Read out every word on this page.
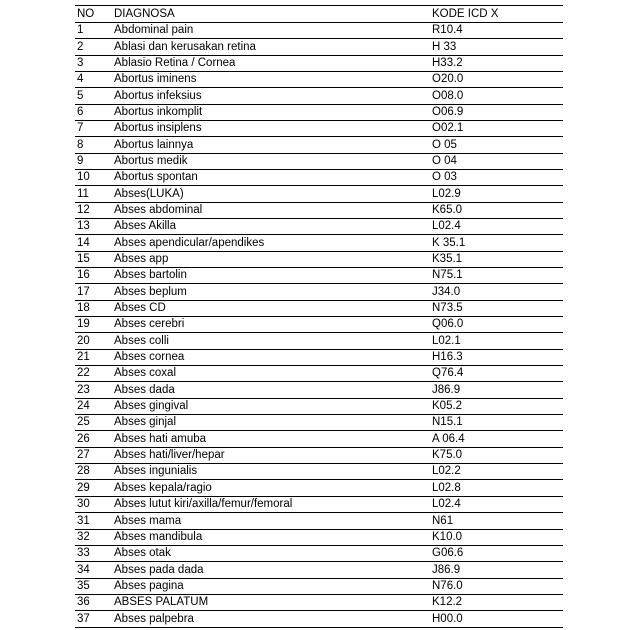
NO	DIAGNOSA	KODE ICD X
1	Abdominal pain	R10.4
2	Ablasi dan kerusakan retina	H 33
3	Ablasio Retina / Cornea	H33.2
4	Abortus iminens	O20.0
5	Abortus infeksius	O08.0
6	Abortus inkomplit	O06.9
7	Abortus insiplens	O02.1
8	Abortus lainnya	O 05
9	Abortus medik	O 04
10	Abortus spontan	O 03
11	Abses(LUKA)	L02.9
12	Abses abdominal	K65.0
13	Abses Akilla	L02.4
14	Abses apendicular/apendikes	K 35.1
15	Abses app	K35.1
16	Abses bartolin	N75.1
17	Abses beplum	J34.0
18	Abses CD	N73.5
19	Abses cerebri	Q06.0
20	Abses colli	L02.1
21	Abses cornea	H16.3
22	Abses coxal	Q76.4
23	Abses dada	J86.9
24	Abses gingival	K05.2
25	Abses ginjal	N15.1
26	Abses hati amuba	A 06.4
27	Abses hati/liver/hepar	K75.0
28	Abses ingunialis	L02.2
29	Abses kepala/ragio	L02.8
30	Abses lutut kiri/axilla/femur/femoral	L02.4
31	Abses mama	N61
32	Abses mandibula	K10.0
33	Abses otak	G06.6
34	Abses pada dada	J86.9
35	Abses pagina	N76.0
36	ABSES PALATUM	K12.2
37	Abses palpebra	H00.0
